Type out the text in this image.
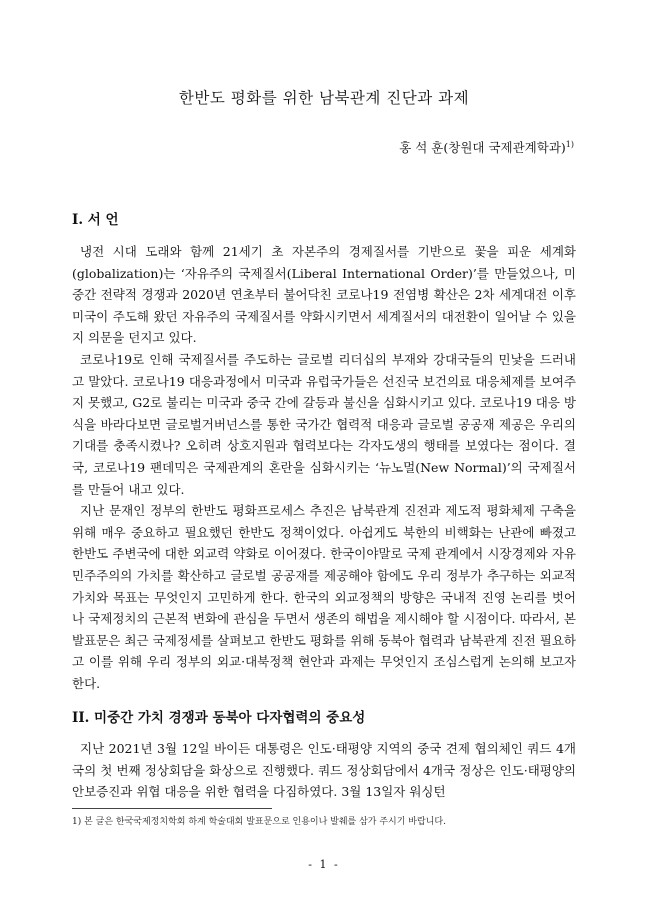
한반도 평화를 위한 남북관계 진단과 과제
홍 석 훈(창원대 국제관계학과)$^{1)}$
I. 서 언

냉전 시대 도래와 함께 21세기 초 자본주의 경제질서를 기반으로 꽃을 피운 세계화(globalization)는 ‘자유주의 국제질서(Liberal International Order)’를 만들었으나, 미중간 전략적 경쟁과 2020년 연초부터 불어닥친 코로나19 전염병 확산은 2차 세계대전 이후 미국이 주도해 왔던 자유주의 국제질서를 약화시키면서 세계질서의 대전환이 일어날 수 있을지 의문을 던지고 있다.

코로나19로 인해 국제질서를 주도하는 글로벌 리더십의 부재와 강대국들의 민낯을 드러내고 말았다. 코로나19 대응과정에서 미국과 유럽국가들은 선진국 보건의료 대응체제를 보여주지 못했고, G2로 불리는 미국과 중국 간에 갈등과 불신을 심화시키고 있다. 코로나19 대응 방식을 바라다보면 글로벌거버넌스를 통한 국가간 협력적 대응과 글로벌 공공재 제공은 우리의 기대를 충족시켰나? 오히려 상호지원과 협력보다는 각자도생의 행태를 보였다는 점이다. 결국, 코로나19 팬데믹은 국제관계의 혼란을 심화시키는 ‘뉴노멀(New Normal)’의 국제질서를 만들어 내고 있다.

지난 문재인 정부의 한반도 평화프로세스 추진은 남북관계 진전과 제도적 평화체제 구축을 위해 매우 중요하고 필요했던 한반도 정책이었다. 아쉽게도 북한의 비핵화는 난관에 빠졌고 한반도 주변국에 대한 외교력 약화로 이어졌다. 한국이야말로 국제 관계에서 시장경제와 자유민주주의의 가치를 확산하고 글로벌 공공재를 제공해야 함에도 우리 정부가 추구하는 외교적 가치와 목표는 무엇인지 고민하게 한다. 한국의 외교정책의 방향은 국내적 진영 논리를 벗어나 국제정치의 근본적 변화에 관심을 두면서 생존의 해법을 제시해야 할 시점이다. 따라서, 본 발표문은 최근 국제정세를 살펴보고 한반도 평화를 위해 동북아 협력과 남북관계 진전 필요하고 이를 위해 우리 정부의 외교·대북정책 현안과 과제는 무엇인지 조심스럽게 논의해 보고자 한다.

II. 미중간 가치 경쟁과 동북아 다자협력의 중요성

지난 2021년 3월 12일 바이든 대통령은 인도·태평양 지역의 중국 견제 협의체인 쿼드 4개국의 첫 번째 정상회담을 화상으로 진행했다. 쿼드 정상회담에서 4개국 정상은 인도·태평양의 안보증진과 위협 대응을 위한 협력을 다짐하였다. 3월 13일자 워싱턴

1) 본 글은 한국국제정치학회 하계 학술대회 발표문으로 인용이나 발췌를 삼가 주시기 바랍니다.
- 1 -
